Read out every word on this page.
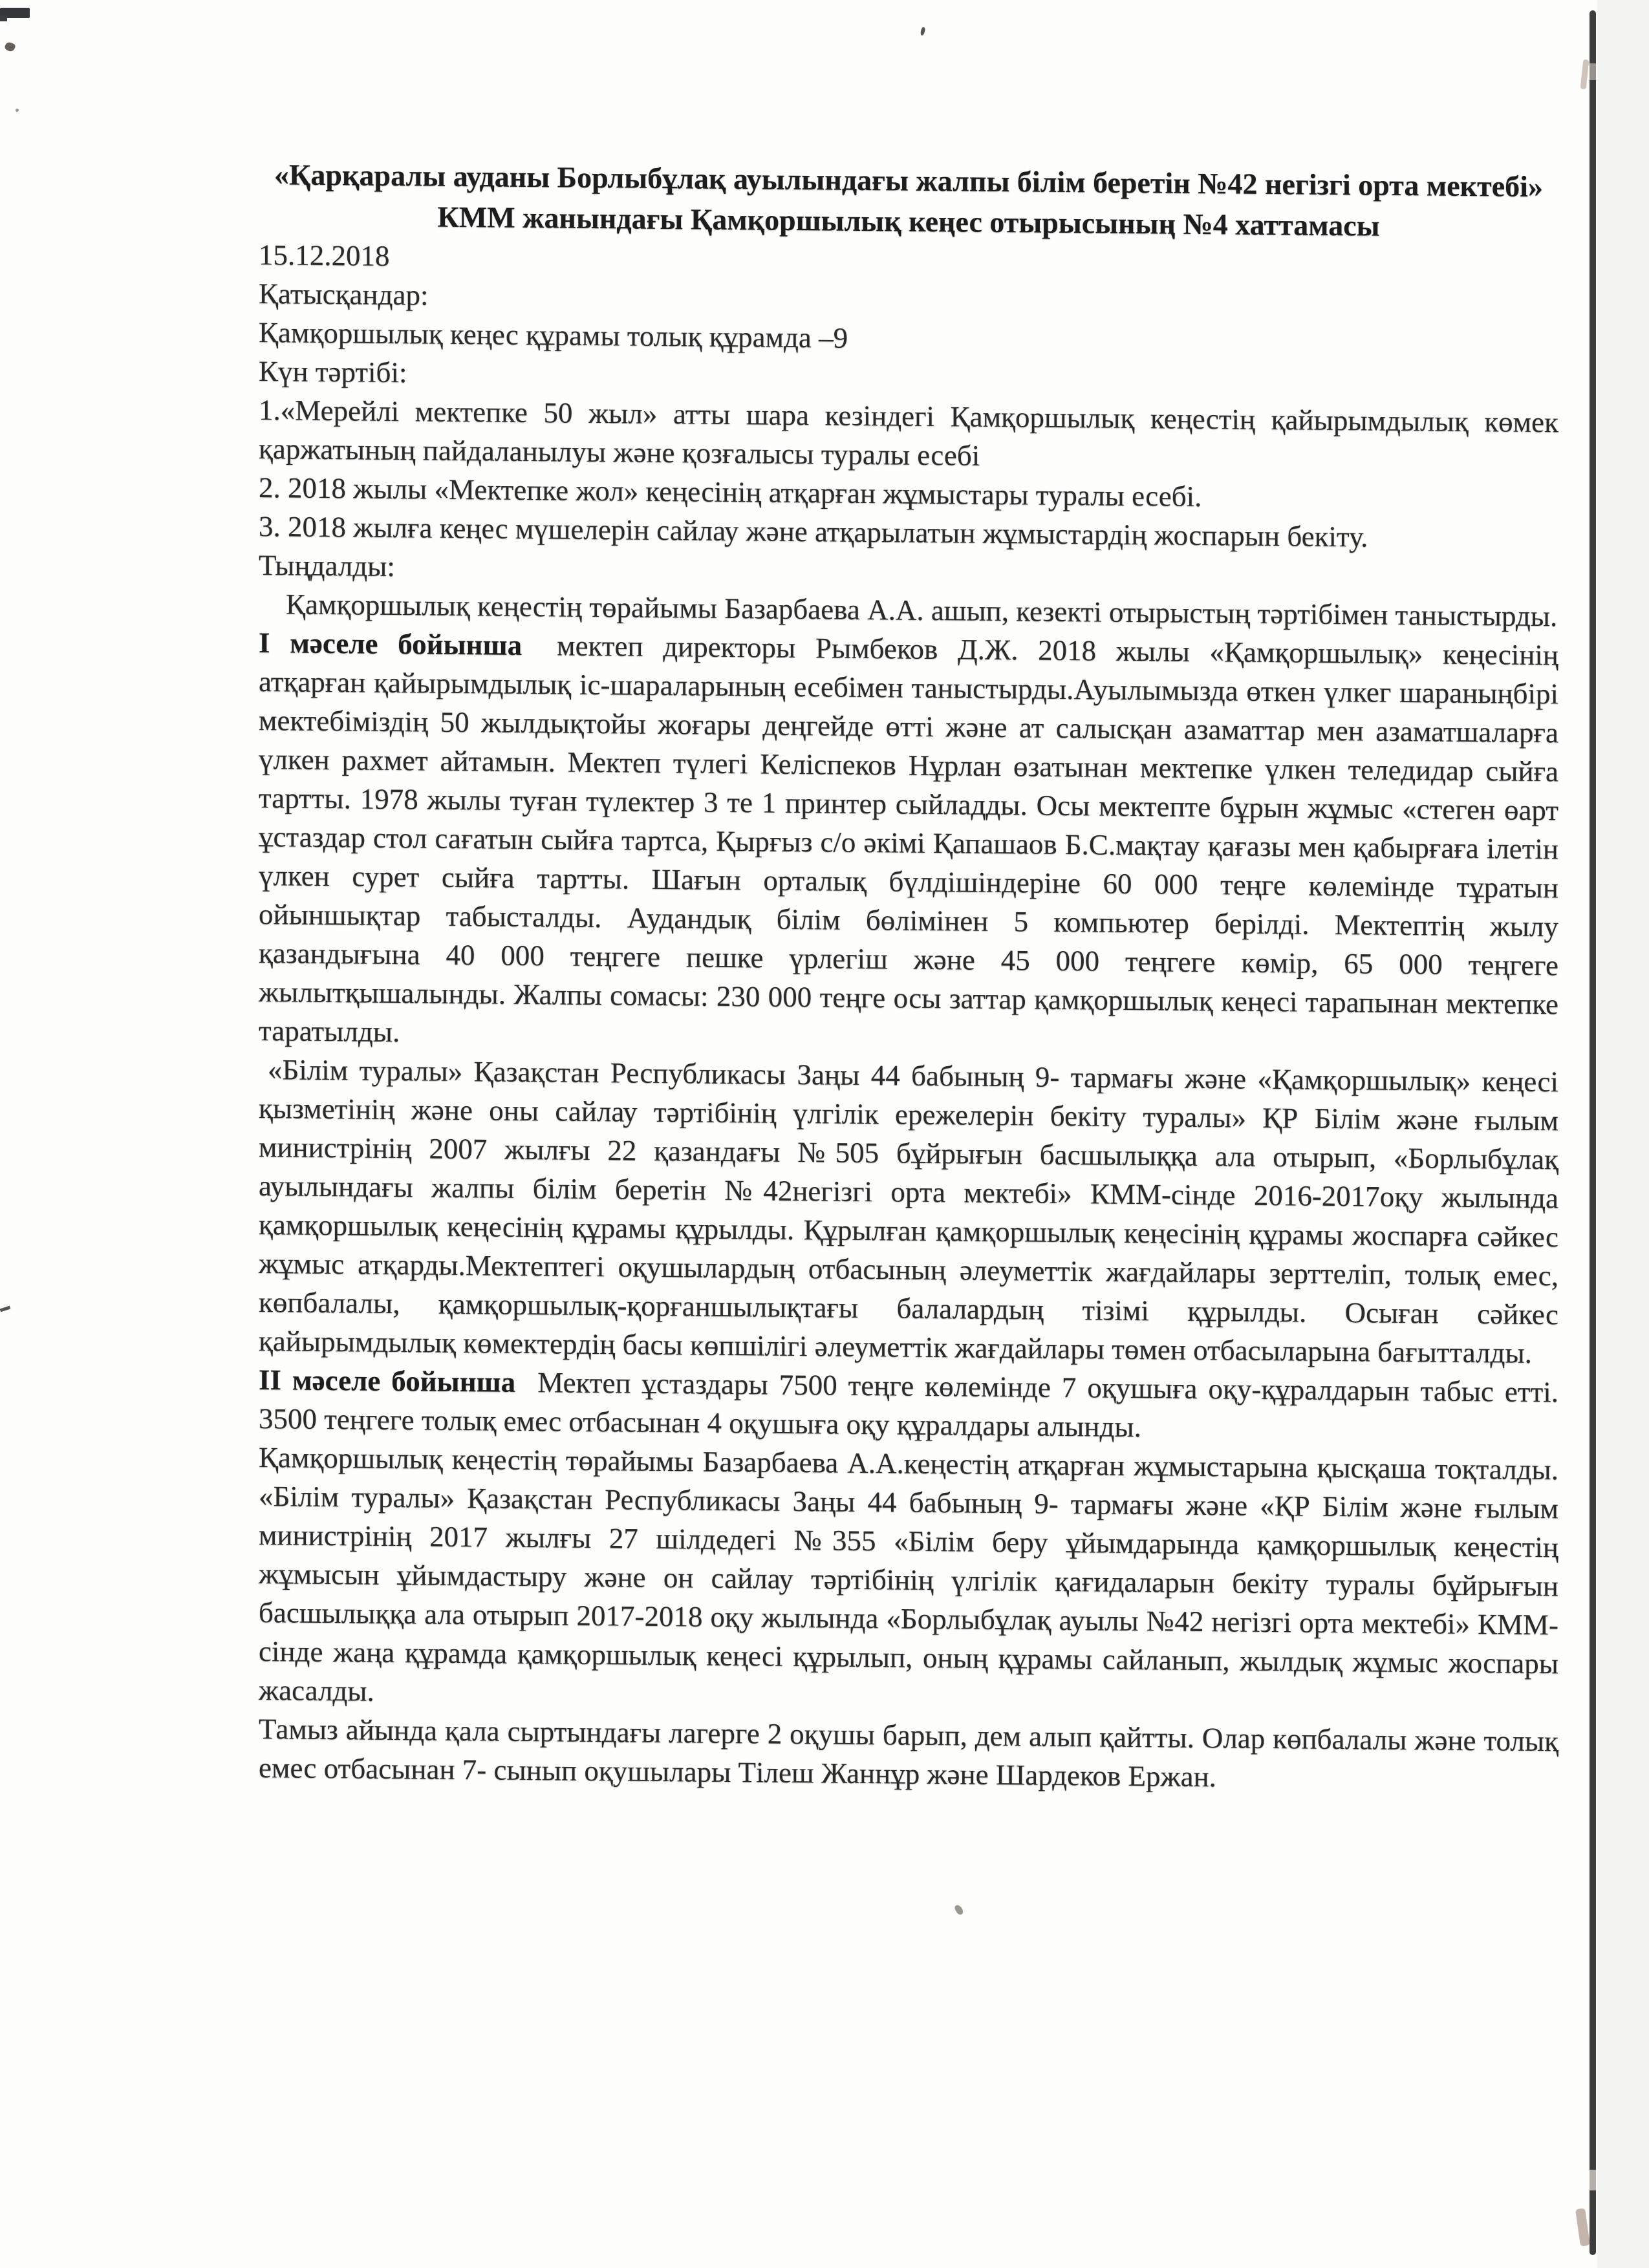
«Қарқаралы ауданы Борлыбұлақ ауылындағы жалпы білім беретін №42 негізгі орта мектебі» КММ жанындағы Қамқоршылық кеңес отырысының №4 хаттамасы

15.12.2018

Қатысқандар:

Қамқоршылық кеңес құрамы толық құрамда –9

Күн тәртібі:

1.«Мерейлі мектепке 50 жыл» атты шара кезіндегі Қамқоршылық кеңестің қайырымдылық көмек қаржатының пайдаланылуы және қозғалысы туралы есебі

2. 2018 жылы «Мектепке жол» кеңесінің атқарған жұмыстары туралы есебі.

3. 2018 жылға кеңес мүшелерін сайлау және атқарылатын жұмыстардің жоспарын бекіту.

Тыңдалды:

Қамқоршылық кеңестің төрайымы Базарбаева А.А. ашып, кезекті отырыстың тәртібімен таныстырды.

I мәселе бойынша мектеп директоры Рымбеков Д.Ж. 2018 жылы «Қамқоршылық» кеңесінің атқарған қайырымдылық іс-шараларының есебімен таныстырды.Ауылымызда өткен үлкег шараныңбірі мектебіміздің 50 жылдықтойы жоғары деңгейде өтті және ат салысқан азаматтар мен азаматшаларға үлкен рахмет айтамын. Мектеп түлегі Келіспеков Нұрлан өзатынан мектепке үлкен теледидар сыйға тартты. 1978 жылы туған түлектер 3 те 1 принтер сыйладды. Осы мектепте бұрын жұмыс «стеген өарт ұстаздар стол сағатын сыйға тартса, Қырғыз с/о әкімі Қапашаов Б.С.мақтау қағазы мен қабырғаға ілетін үлкен сурет сыйға тартты. Шағын орталық бүлдішіндеріне 60 000 теңге көлемінде тұратын ойыншықтар табысталды. Аудандық білім бөлімінен 5 компьютер берілді. Мектептің жылу қазандығына 40 000 теңгеге пешке үрлегіш және 45 000 теңгеге көмір, 65 000 теңгеге жылытқышалынды. Жалпы сомасы: 230 000 теңге осы заттар қамқоршылық кеңесі тарапынан мектепке таратылды.

«Білім туралы» Қазақстан Республикасы Заңы 44 бабының 9- тармағы және «Қамқоршылық» кеңесі қызметінің және оны сайлау тәртібінің үлгілік ережелерін бекіту туралы» ҚР Білім және ғылым министрінің 2007 жылғы 22 қазандағы №505 бұйрығын басшылыққа ала отырып, «Борлыбұлақ ауылындағы жалпы білім беретін №42негізгі орта мектебі» КММ-сінде 2016-2017оқу жылында қамқоршылық кеңесінің құрамы құрылды. Құрылған қамқоршылық кеңесінің құрамы жоспарға сәйкес жұмыс атқарды.Мектептегі оқушылардың отбасының әлеуметтік жағдайлары зерттеліп, толық емес, көпбалалы, қамқоршылық-қорғаншылықтағы балалардың тізімі құрылды. Осыған сәйкес қайырымдылық көмектердің басы көпшілігі әлеуметтік жағдайлары төмен отбасыларына бағытталды.

II мәселе бойынша Мектеп ұстаздары 7500 теңге көлемінде 7 оқушыға оқу-құралдарын табыс етті. 3500 теңгеге толық емес отбасынан 4 оқушыға оқу құралдары алынды.

Қамқоршылық кеңестің төрайымы Базарбаева А.А.кеңестің атқарған жұмыстарына қысқаша тоқталды. «Білім туралы» Қазақстан Республикасы Заңы 44 бабының 9- тармағы және «ҚР Білім және ғылым министрінің 2017 жылғы 27 шілдедегі №355 «Білім беру ұйымдарында қамқоршылық кеңестің жұмысын ұйымдастыру және он сайлау тәртібінің үлгілік қағидаларын бекіту туралы бұйрығын басшылыққа ала отырып 2017-2018 оқу жылында «Борлыбұлақ ауылы №42 негізгі орта мектебі» КММ-сінде жаңа құрамда қамқоршылық кеңесі құрылып, оның құрамы сайланып, жылдық жұмыс жоспары жасалды.

Тамыз айында қала сыртындағы лагерге 2 оқушы барып, дем алып қайтты. Олар көпбалалы және толық емес отбасынан 7- сынып оқушылары Тілеш Жаннұр және Шардеков Ержан.
